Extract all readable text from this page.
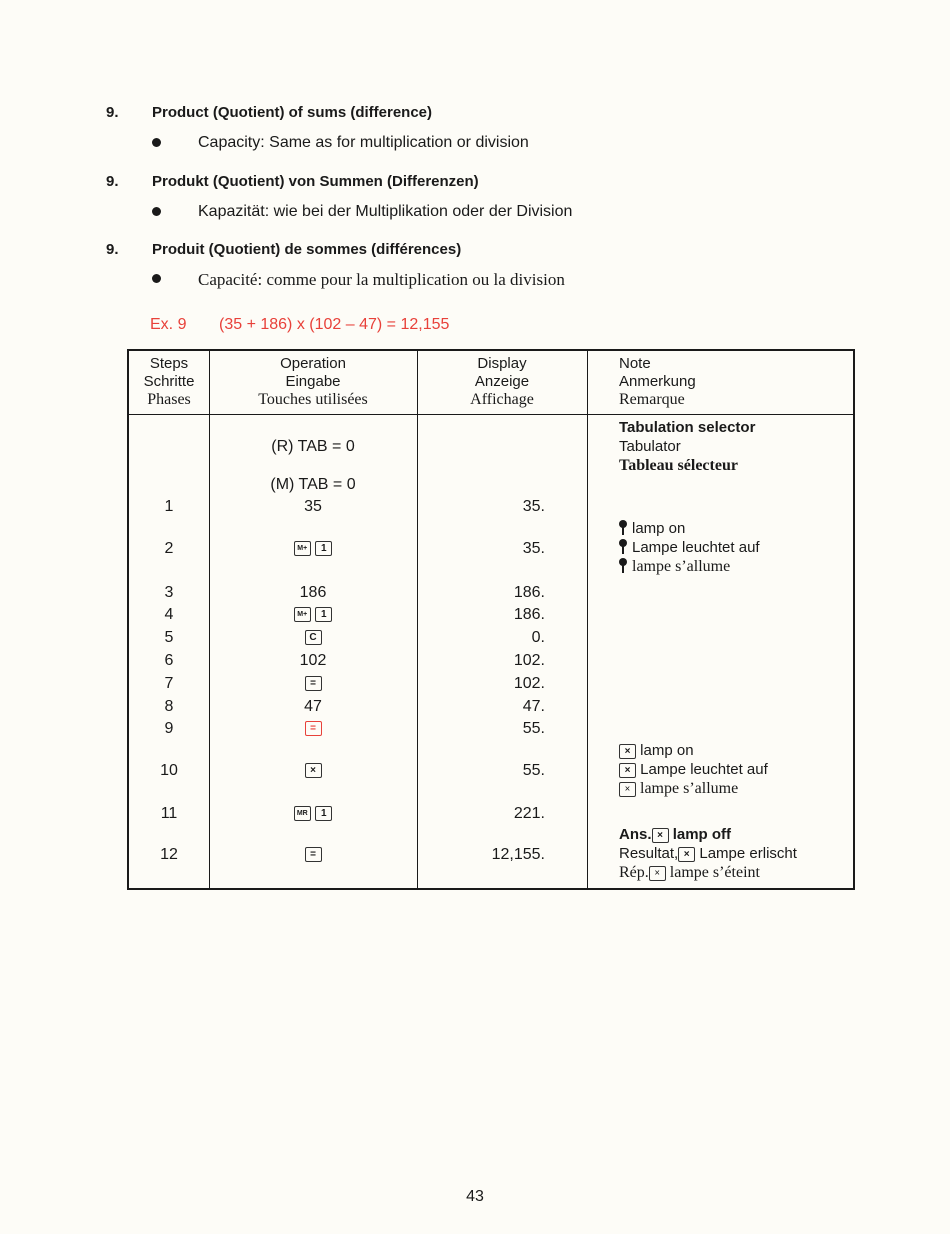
9. Product (Quotient) of sums (difference)
Capacity: Same as for multiplication or division
9. Produkt (Quotient) von Summen (Differenzen)
Kapazität: wie bei der Multiplikation oder der Division
9. Produit (Quotient) de sommes (différences)
Capacité: comme pour la multiplication ou la division
Ex. 9 (35 + 186) x (102 – 47) = 12,155
Steps
Schritte
Phases
Operation
Eingabe
Touches utilisées
Display
Anzeige
Affichage
Note
Anmerkung
Remarque
(R) TAB = 0
(M) TAB = 0
1
2
3
4
5
6
7
8
9
10
11
12
35
M+ 1
186
M+ 1
C
102
=
47
=
×
MR 1
=
35.
35.
186.
186.
0.
102.
102.
47.
55.
55.
221.
12,155.
Tabulation selector
Tabulator
Tableau sélecteur
lamp on
Lampe leuchtet auf
lampe s’allume
× lamp on
× Lampe leuchtet auf
× lampe s’allume
Ans. × lamp off
Resultat, × Lampe erlischt
Rép. × lampe s’éteint
43
